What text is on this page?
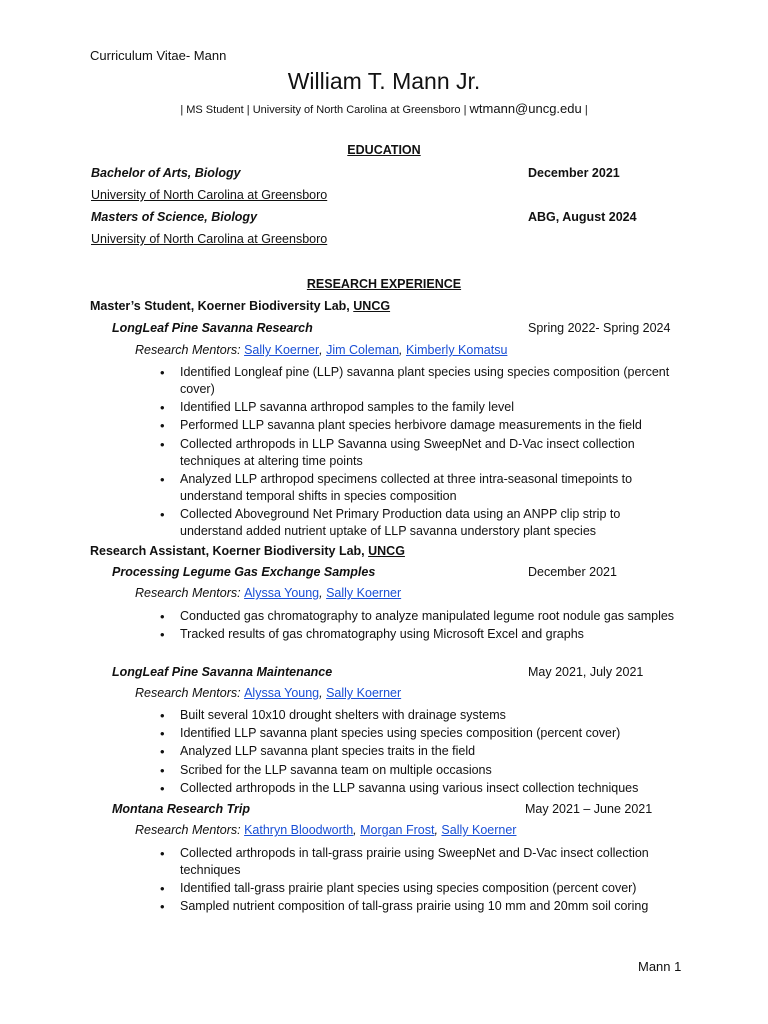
Curriculum Vitae- Mann
William T. Mann Jr.
| MS Student | University of North Carolina at Greensboro | wtmann@uncg.edu |
EDUCATION
Bachelor of Arts, Biology	December 2021
University of North Carolina at Greensboro
Masters of Science, Biology	ABG, August 2024
University of North Carolina at Greensboro
RESEARCH EXPERIENCE
Master’s Student, Koerner Biodiversity Lab, UNCG
LongLeaf Pine Savanna Research	Spring 2022- Spring 2024
Research Mentors: Sally Koerner, Jim Coleman, Kimberly Komatsu
• Identified Longleaf pine (LLP) savanna plant species using species composition (percent cover)
• Identified LLP savanna arthropod samples to the family level
• Performed LLP savanna plant species herbivore damage measurements in the field
• Collected arthropods in LLP Savanna using SweepNet and D-Vac insect collection techniques at altering time points
• Analyzed LLP arthropod specimens collected at three intra-seasonal timepoints to understand temporal shifts in species composition
• Collected Aboveground Net Primary Production data using an ANPP clip strip to understand added nutrient uptake of LLP savanna understory plant species
Research Assistant, Koerner Biodiversity Lab, UNCG
Processing Legume Gas Exchange Samples	December 2021
Research Mentors: Alyssa Young, Sally Koerner
• Conducted gas chromatography to analyze manipulated legume root nodule gas samples
• Tracked results of gas chromatography using Microsoft Excel and graphs
LongLeaf Pine Savanna Maintenance	May 2021, July 2021
Research Mentors: Alyssa Young, Sally Koerner
• Built several 10x10 drought shelters with drainage systems
• Identified LLP savanna plant species using species composition (percent cover)
• Analyzed LLP savanna plant species traits in the field
• Scribed for the LLP savanna team on multiple occasions
• Collected arthropods in the LLP savanna using various insect collection techniques
Montana Research Trip	May 2021 – June 2021
Research Mentors: Kathryn Bloodworth, Morgan Frost, Sally Koerner
• Collected arthropods in tall-grass prairie using SweepNet and D-Vac insect collection techniques
• Identified tall-grass prairie plant species using species composition (percent cover)
• Sampled nutrient composition of tall-grass prairie using 10 mm and 20mm soil coring
Mann 1
